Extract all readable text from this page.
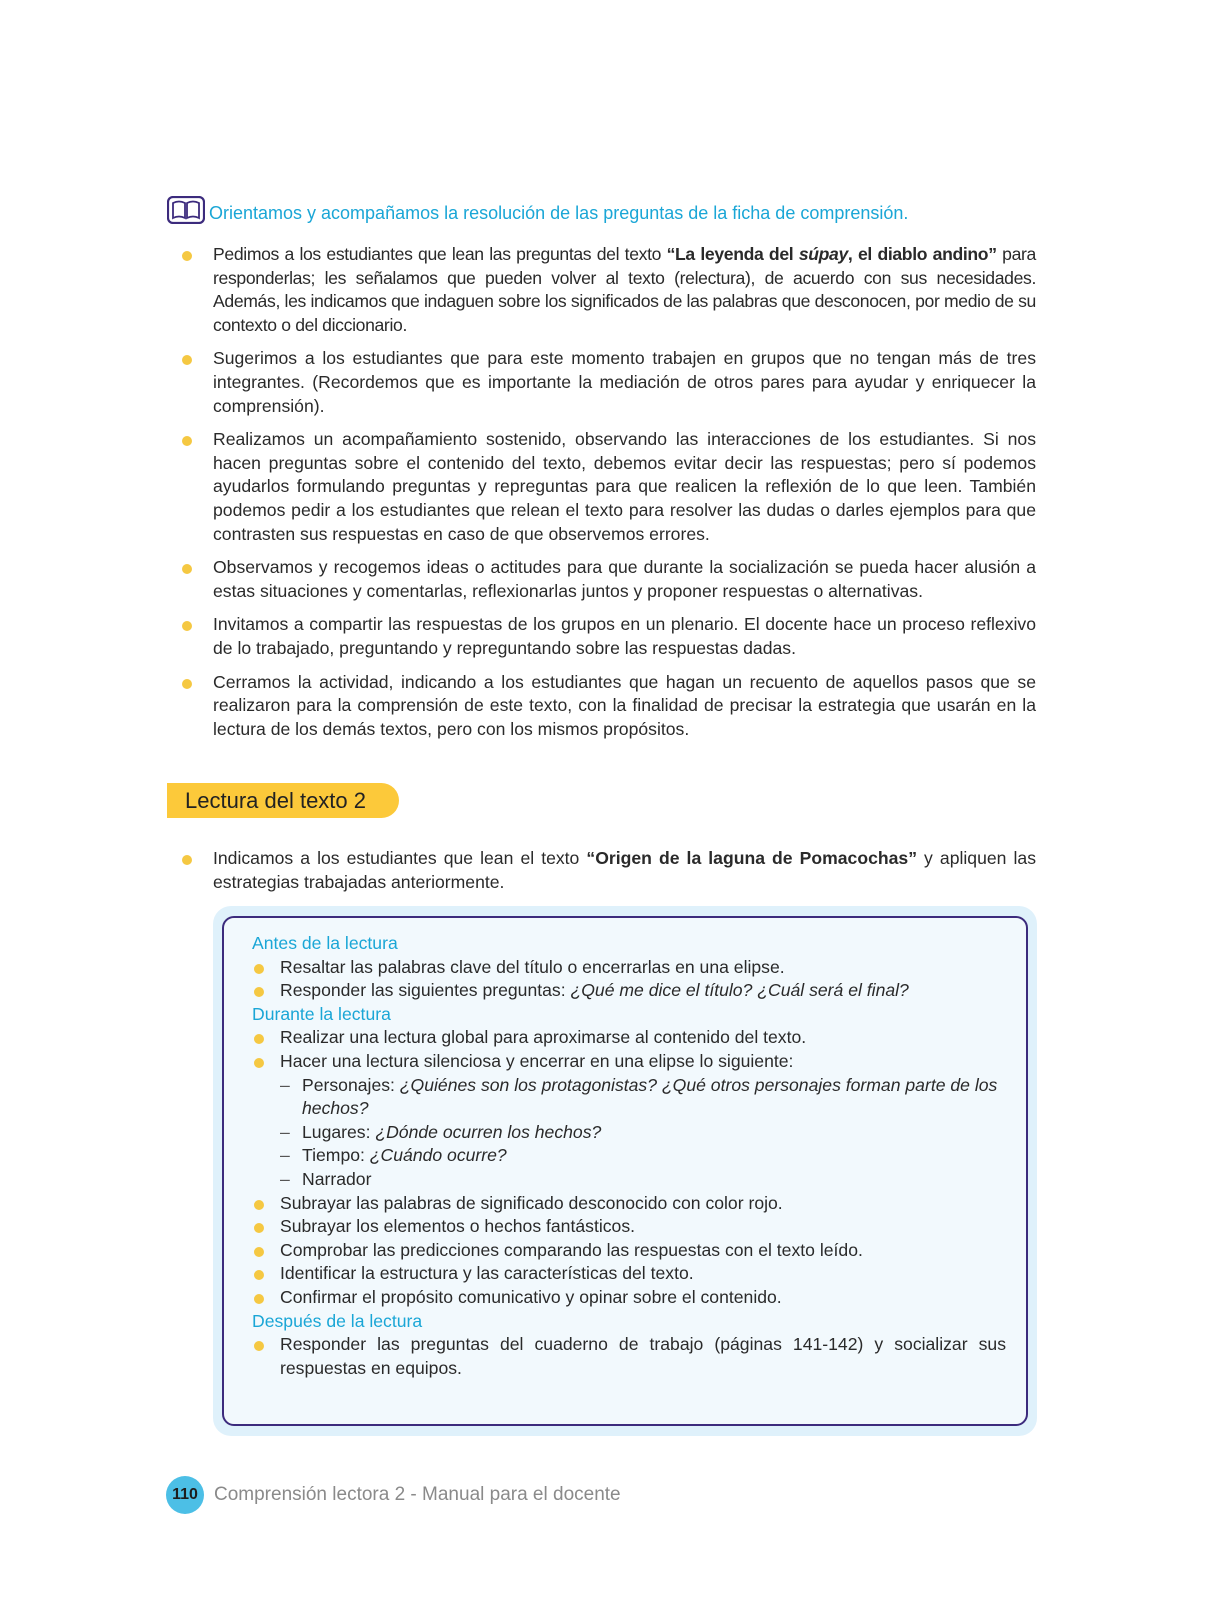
Orientamos y acompañamos la resolución de las preguntas de la ficha de comprensión.
Pedimos a los estudiantes que lean las preguntas del texto “La leyenda del súpay, el diablo andino” para responderlas; les señalamos que pueden volver al texto (relectura), de acuerdo con sus necesidades. Además, les indicamos que indaguen sobre los significados de las palabras que desconocen, por medio de su contexto o del diccionario.
Sugerimos a los estudiantes que para este momento trabajen en grupos que no tengan más de tres integrantes. (Recordemos que es importante la mediación de otros pares para ayudar y enriquecer la comprensión).
Realizamos un acompañamiento sostenido, observando las interacciones de los estudiantes. Si nos hacen preguntas sobre el contenido del texto, debemos evitar decir las respuestas; pero sí podemos ayudarlos formulando preguntas y repreguntas para que realicen la reflexión de lo que leen. También podemos pedir a los estudiantes que relean el texto para resolver las dudas o darles ejemplos para que contrasten sus respuestas en caso de que observemos errores.
Observamos y recogemos ideas o actitudes para que durante la socialización se pueda hacer alusión a estas situaciones y comentarlas, reflexionarlas juntos y proponer respuestas o alternativas.
Invitamos a compartir las respuestas de los grupos en un plenario. El docente hace un proceso reflexivo de lo trabajado, preguntando y repreguntando sobre las respuestas dadas.
Cerramos la actividad, indicando a los estudiantes que hagan un recuento de aquellos pasos que se realizaron para la comprensión de este texto, con la finalidad de precisar la estrategia que usarán en la lectura de los demás textos, pero con los mismos propósitos.
Lectura del texto 2
Indicamos a los estudiantes que lean el texto “Origen de la laguna de Pomacochas” y apliquen las estrategias trabajadas anteriormente.
Antes de la lectura
Resaltar las palabras clave del título o encerrarlas en una elipse.
Responder las siguientes preguntas: ¿Qué me dice el título? ¿Cuál será el final?
Durante la lectura
Realizar una lectura global para aproximarse al contenido del texto.
Hacer una lectura silenciosa y encerrar en una elipse lo siguiente:
– Personajes: ¿Quiénes son los protagonistas? ¿Qué otros personajes forman parte de los hechos?
– Lugares: ¿Dónde ocurren los hechos?
– Tiempo: ¿Cuándo ocurre?
– Narrador
Subrayar las palabras de significado desconocido con color rojo.
Subrayar los elementos o hechos fantásticos.
Comprobar las predicciones comparando las respuestas con el texto leído.
Identificar la estructura y las características del texto.
Confirmar el propósito comunicativo y opinar sobre el contenido.
Después de la lectura
Responder las preguntas del cuaderno de trabajo (páginas 141-142) y socializar sus respuestas en equipos.
110 Comprensión lectora 2 - Manual para el docente
